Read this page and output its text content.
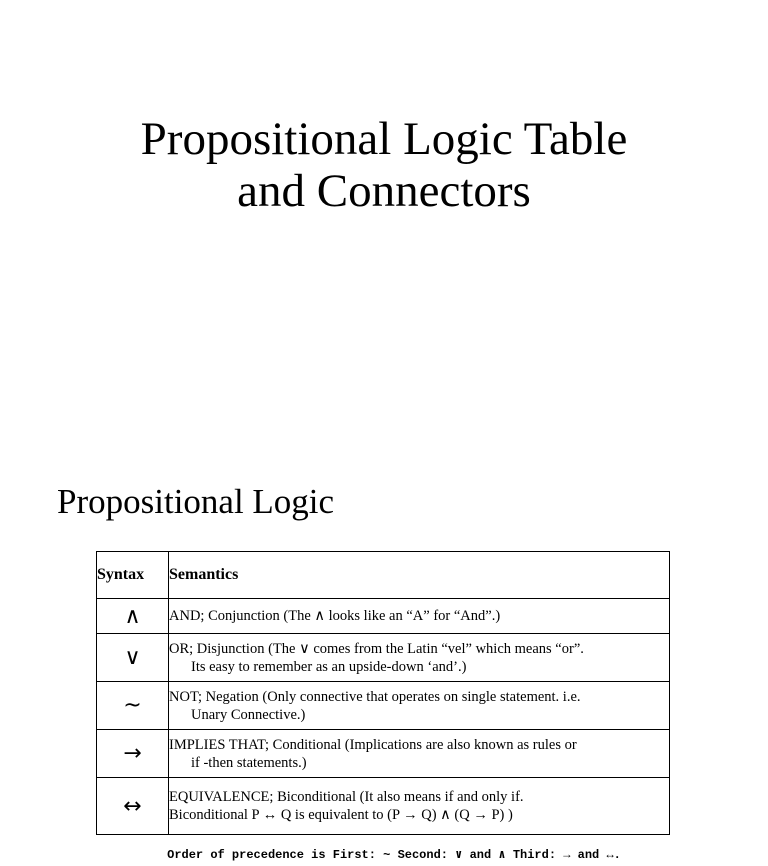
Propositional Logic Table
and Connectors
Propositional Logic
Syntax	Semantics
∧	AND; Conjunction (The ∧ looks like an “A” for “And”.)

∨	OR; Disjunction (The ∨ comes from the Latin “vel” which means “or”.
Its easy to remember as an upside-down ‘and’.)

~	NOT; Negation (Only connective that operates on single statement. i.e.
Unary Connective.)

→	IMPLIES THAT; Conditional (Implications are also known as rules or
if -then statements.)

↔	EQUIVALENCE; Biconditional (It also means if and only if.
Biconditional P ↔ Q is equivalent to (P → Q) ∧ (Q → P) )
Order of precedence is First: ~ Second: ∨ and ∧ Third: → and ↔.
